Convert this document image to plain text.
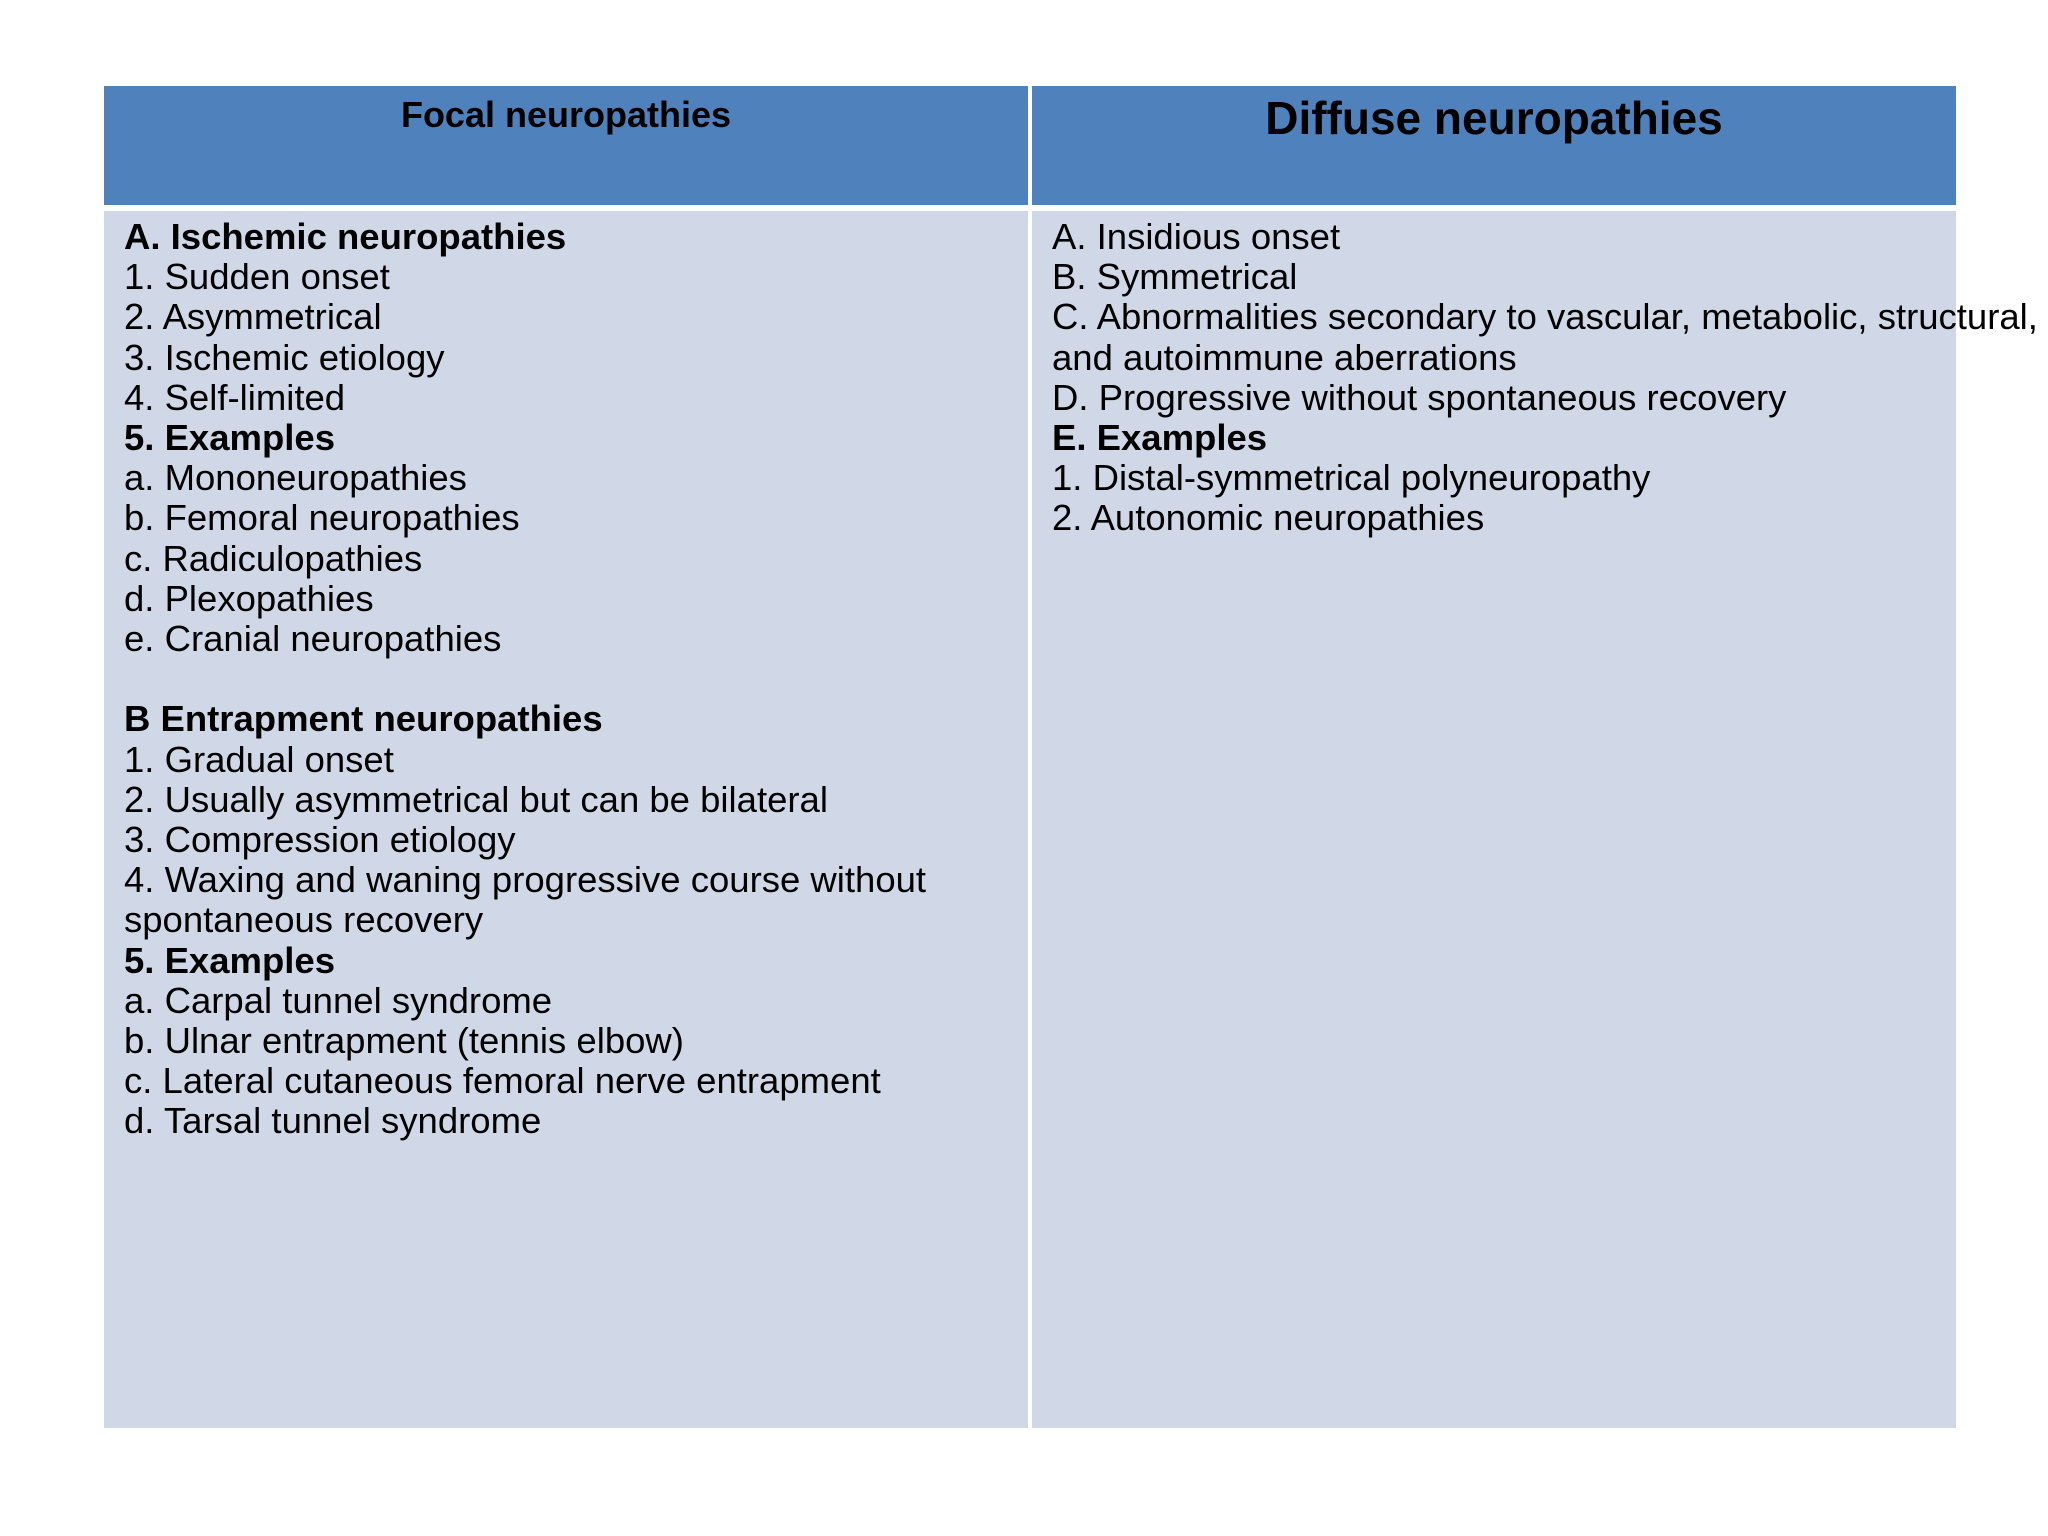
Focal neuropathies	Diffuse neuropathies
A. Ischemic neuropathies
1. Sudden onset
2. Asymmetrical
3. Ischemic etiology
4. Self-limited
5. Examples
a. Mononeuropathies
b. Femoral neuropathies
c. Radiculopathies
d. Plexopathies
e. Cranial neuropathies
B Entrapment neuropathies
1. Gradual onset
2. Usually asymmetrical but can be bilateral
3. Compression etiology
4. Waxing and waning progressive course without spontaneous recovery
5. Examples
a. Carpal tunnel syndrome
b. Ulnar entrapment (tennis elbow)
c. Lateral cutaneous femoral nerve entrapment
d. Tarsal tunnel syndrome
A. Insidious onset
B. Symmetrical
C. Abnormalities secondary to vascular, metabolic, structural,
and autoimmune aberrations
D. Progressive without spontaneous recovery
E. Examples
1. Distal-symmetrical polyneuropathy
2. Autonomic neuropathies
